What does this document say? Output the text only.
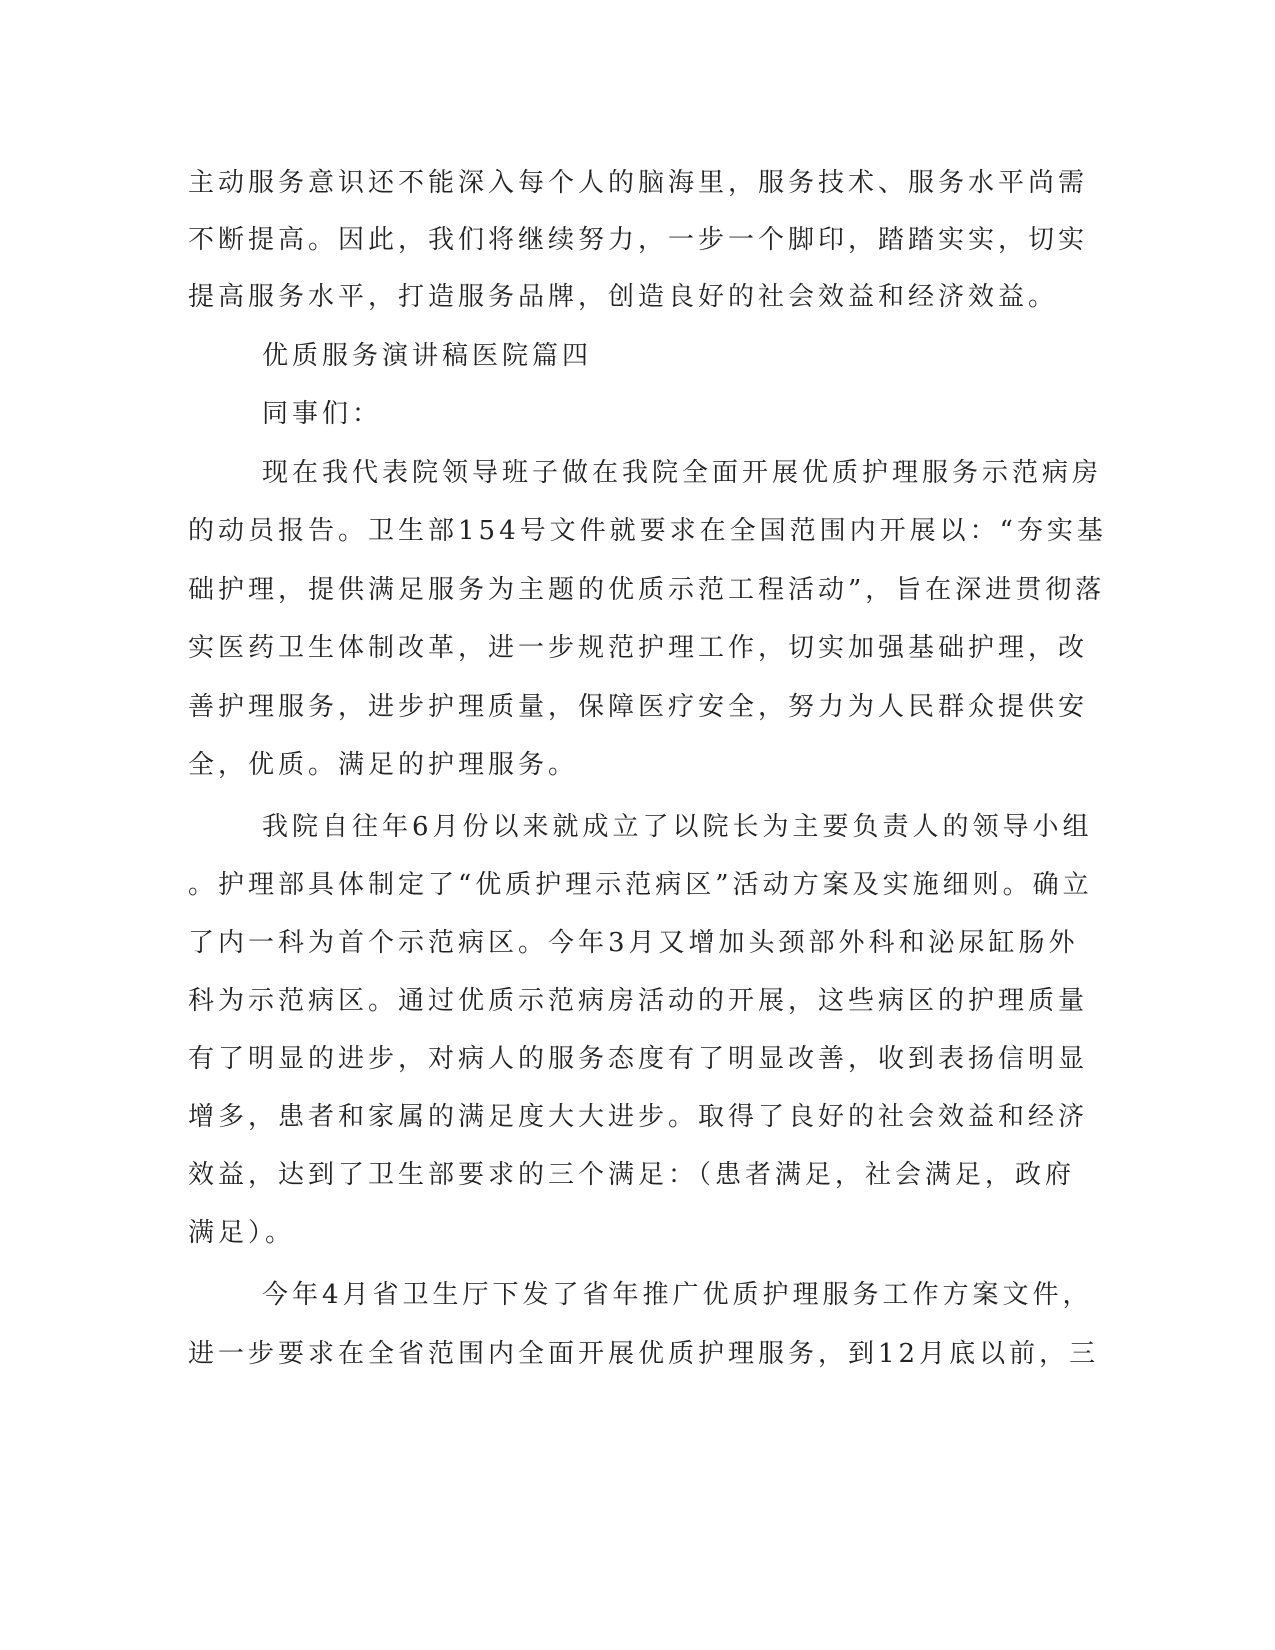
主动服务意识还不能深入每个人的脑海里，服务技术、服务水平尚需

不断提高。因此，我们将继续努力，一步一个脚印，踏踏实实，切实

提高服务水平，打造服务品牌，创造良好的社会效益和经济效益。

优质服务演讲稿医院篇四

同事们：

现在我代表院领导班子做在我院全面开展优质护理服务示范病房

的动员报告。卫生部154号文件就要求在全国范围内开展以：“夯实基

础护理，提供满足服务为主题的优质示范工程活动”，旨在深进贯彻落

实医药卫生体制改革，进一步规范护理工作，切实加强基础护理，改

善护理服务，进步护理质量，保障医疗安全，努力为人民群众提供安

全，优质。满足的护理服务。

我院自往年6月份以来就成立了以院长为主要负责人的领导小组

。护理部具体制定了“优质护理示范病区”活动方案及实施细则。确立

了内一科为首个示范病区。今年3月又增加头颈部外科和泌尿缸肠外

科为示范病区。通过优质示范病房活动的开展，这些病区的护理质量

有了明显的进步，对病人的服务态度有了明显改善，收到表扬信明显

增多，患者和家属的满足度大大进步。取得了良好的社会效益和经济

效益，达到了卫生部要求的三个满足：（患者满足，社会满足，政府

满足）。

今年4月省卫生厅下发了省年推广优质护理服务工作方案文件，

进一步要求在全省范围内全面开展优质护理服务，到12月底以前，三
